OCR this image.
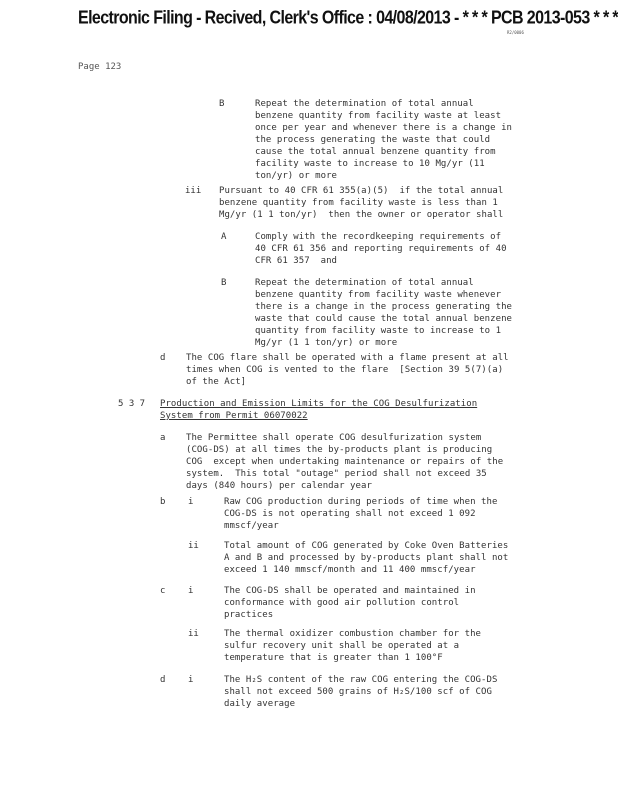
Electronic Filing - Recived, Clerk's Office : 04/08/2013 - * * * PCB 2013-053 * * *
R2/0006
Page 123
B	Repeat the determination of total annual
benzene quantity from facility waste at least
once per year and whenever there is a change in
the process generating the waste that could
cause the total annual benzene quantity from
facility waste to increase to 10 Mg/yr (11
ton/yr) or more
iii Pursuant to 40 CFR 61 355(a)(5)  if the total annual
benzene quantity from facility waste is less than 1
Mg/yr (1 1 ton/yr)  then the owner or operator shall
A	Comply with the recordkeeping requirements of
40 CFR 61 356 and reporting requirements of 40
CFR 61 357  and
B	Repeat the determination of total annual
benzene quantity from facility waste whenever
there is a change in the process generating the
waste that could cause the total annual benzene
quantity from facility waste to increase to 1
Mg/yr (1 1 ton/yr) or more
d The COG flare shall be operated with a flame present at all
times when COG is vented to the flare  [Section 39 5(7)(a)
of the Act]
5 3 7 Production and Emission Limits for the COG Desulfurization
System from Permit 06070022
a The Permittee shall operate COG desulfurization system
(COG-DS) at all times the by-products plant is producing
COG  except when undertaking maintenance or repairs of the
system.  This total "outage" period shall not exceed 35
days (840 hours) per calendar year
b	i	Raw COG production during periods of time when the
COG-DS is not operating shall not exceed 1 092
mmscf/year
ii	Total amount of COG generated by Coke Oven Batteries
A and B and processed by by-products plant shall not
exceed 1 140 mmscf/month and 11 400 mmscf/year
c	i	The COG-DS shall be operated and maintained in
conformance with good air pollution control
practices
ii	The thermal oxidizer combustion chamber for the
sulfur recovery unit shall be operated at a
temperature that is greater than 1 100°F
d	i	The H₂S content of the raw COG entering the COG-DS
shall not exceed 500 grains of H₂S/100 scf of COG
daily average
